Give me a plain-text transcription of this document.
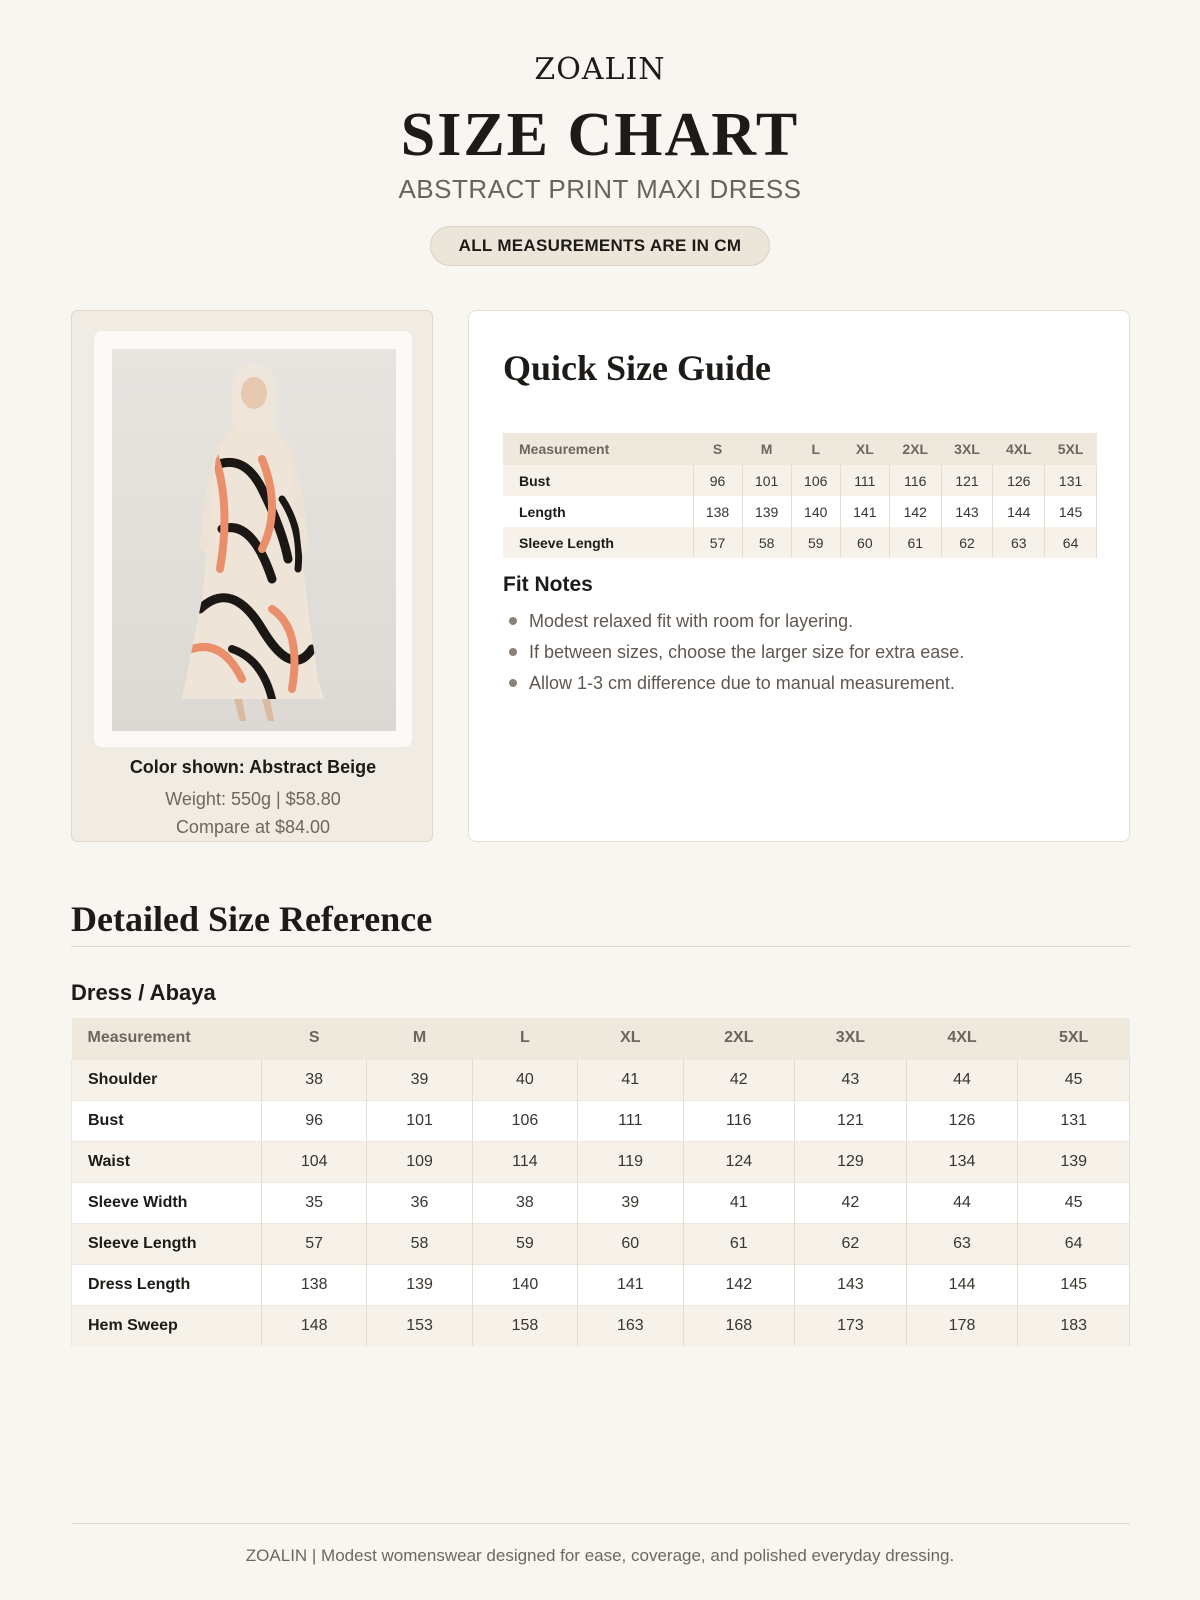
ZOALIN
SIZE CHART
ABSTRACT PRINT MAXI DRESS
ALL MEASUREMENTS ARE IN CM
Color shown: Abstract Beige
Weight: 550g | $58.80
Compare at $84.00
Quick Size Guide
Measurement	S	M	L	XL	2XL	3XL	4XL	5XL
Bust	96	101	106	111	116	121	126	131
Length	138	139	140	141	142	143	144	145
Sleeve Length	57	58	59	60	61	62	63	64
Fit Notes
Modest relaxed fit with room for layering.
If between sizes, choose the larger size for extra ease.
Allow 1-3 cm difference due to manual measurement.
Detailed Size Reference
Dress / Abaya
Measurement	S	M	L	XL	2XL	3XL	4XL	5XL
Shoulder	38	39	40	41	42	43	44	45
Bust	96	101	106	111	116	121	126	131
Waist	104	109	114	119	124	129	134	139
Sleeve Width	35	36	38	39	41	42	44	45
Sleeve Length	57	58	59	60	61	62	63	64
Dress Length	138	139	140	141	142	143	144	145
Hem Sweep	148	153	158	163	168	173	178	183
ZOALIN | Modest womenswear designed for ease, coverage, and polished everyday dressing.
